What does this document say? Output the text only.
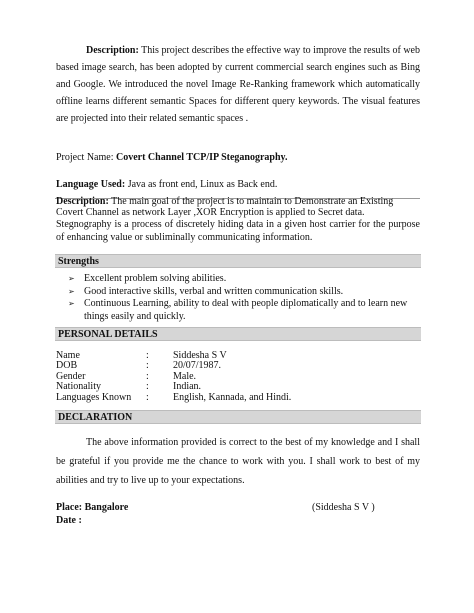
Description: This project describes the effective way to improve the results of web based image search, has been adopted by current commercial search engines such as Bing and Google. We introduced the novel Image Re-Ranking framework which automatically offline learns different semantic Spaces for different query keywords. The visual features are projected into their related semantic spaces .
Project Name: Covert Channel TCP/IP Steganography.
Language Used: Java as front end, Linux as Back end.
Description: The main goal of the project is to maintain to Demonstrate an Existing Covert Channel as network Layer ,XOR Encryption is applied to Secret data.
Stegnography is a process of discretely hiding data in a given host carrier for the purpose of enhancing value or subliminally communicating information.
Strengths
➢ Excellent problem solving abilities.
➢ Good interactive skills, verbal and written communication skills.
➢ Continuous Learning, ability to deal with people diplomatically and to learn new things easily and quickly.
PERSONAL DETAILS
Name	:	Siddesha S V
DOB	:	20/07/1987.
Gender	:	Male.
Nationality	:	Indian.
Languages Known	:	English, Kannada, and Hindi.
DECLARATION
The above information provided is correct to the best of my knowledge and I shall be grateful if you provide me the chance to work with you. I shall work to best of my abilities and try to live up to your expectations.
Place: Bangalore	(Siddesha S V )
Date :
